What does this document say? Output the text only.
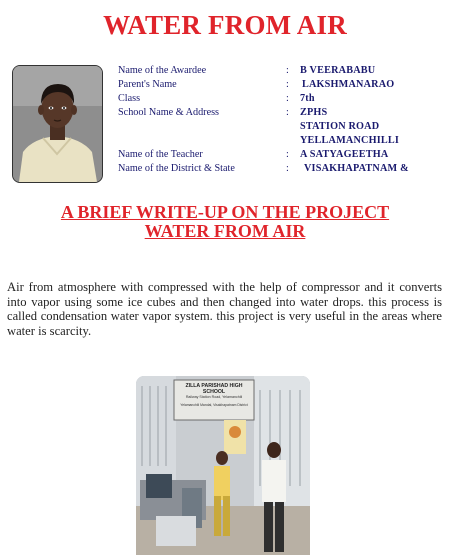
WATER FROM AIR
Name of the Awardee	: B VEERABABU
Parent's Name	: LAKSHMANARAO
Class	: 7th
School Name & Address	: ZPHS
STATION ROAD
YELLAMANCHILLI
Name of the Teacher	: A SATYAGEETHA
Name of the District & State	: VISAKHAPATNAM &
A BRIEF WRITE-UP ON THE PROJECT
WATER FROM AIR
Air from atmosphere with compressed with the help of compressor and it converts into vapor using some ice cubes and then changed into water drops. this process is called condensation water vapor system. this project is very useful in the areas where water is scarcity.
ZILLA PARISHAD HIGH SCHOOL
Railway Station Road, Yelamanchili
Yelamanchili Mandal, Visakhapatnam District
